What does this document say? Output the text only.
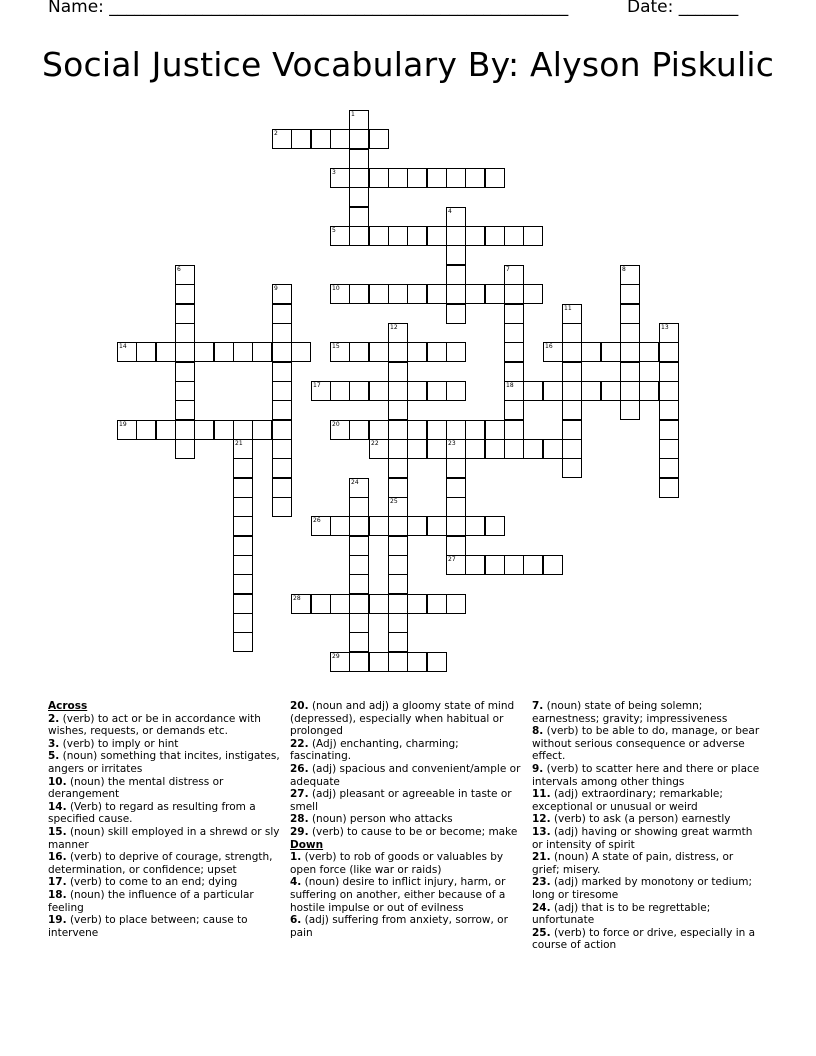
Name: ______________________________________________________	Date: _______
Social Justice Vocabulary By: Alyson Piskulic
1
2
3
4
5
6	7
18
8
9	10
11
12	13
14	15	16
17
19	20
21	22	23
27
24
25
26
28
29
Across
2. (verb) to act or be in accordance with wishes, requests, or demands etc.
3. (verb) to imply or hint
5. (noun) something that incites, instigates, angers or irritates
10. (noun) the mental distress or derangement
14. (Verb) to regard as resulting from a specified cause.
15. (noun) skill employed in a shrewd or sly manner
16. (verb) to deprive of courage, strength, determination, or confidence; upset
17. (verb) to come to an end; dying
18. (noun) the influence of a particular feeling
19. (verb) to place between; cause to intervene
20. (noun and adj) a gloomy state of mind (depressed), especially when habitual or prolonged
22. (Adj) enchanting, charming; fascinating.
26. (adj) spacious and convenient/ample or adequate
27. (adj) pleasant or agreeable in taste or smell
28. (noun) person who attacks
29. (verb) to cause to be or become; make
Down
1. (verb) to rob of goods or valuables by open force (like war or raids)
4. (noun) desire to inflict injury, harm, or suffering on another, either because of a hostile impulse or out of evilness
6. (adj) suffering from anxiety, sorrow, or pain
7. (noun) state of being solemn; earnestness; gravity; impressiveness
8. (verb) to be able to do, manage, or bear without serious consequence or adverse effect.
9. (verb) to scatter here and there or place intervals among other things
11. (adj) extraordinary; remarkable; exceptional or unusual or weird
12. (verb) to ask (a person) earnestly
13. (adj) having or showing great warmth or intensity of spirit
21. (noun) A state of pain, distress, or grief; misery.
23. (adj) marked by monotony or tedium; long or tiresome
24. (adj) that is to be regrettable; unfortunate
25. (verb) to force or drive, especially in a course of action
